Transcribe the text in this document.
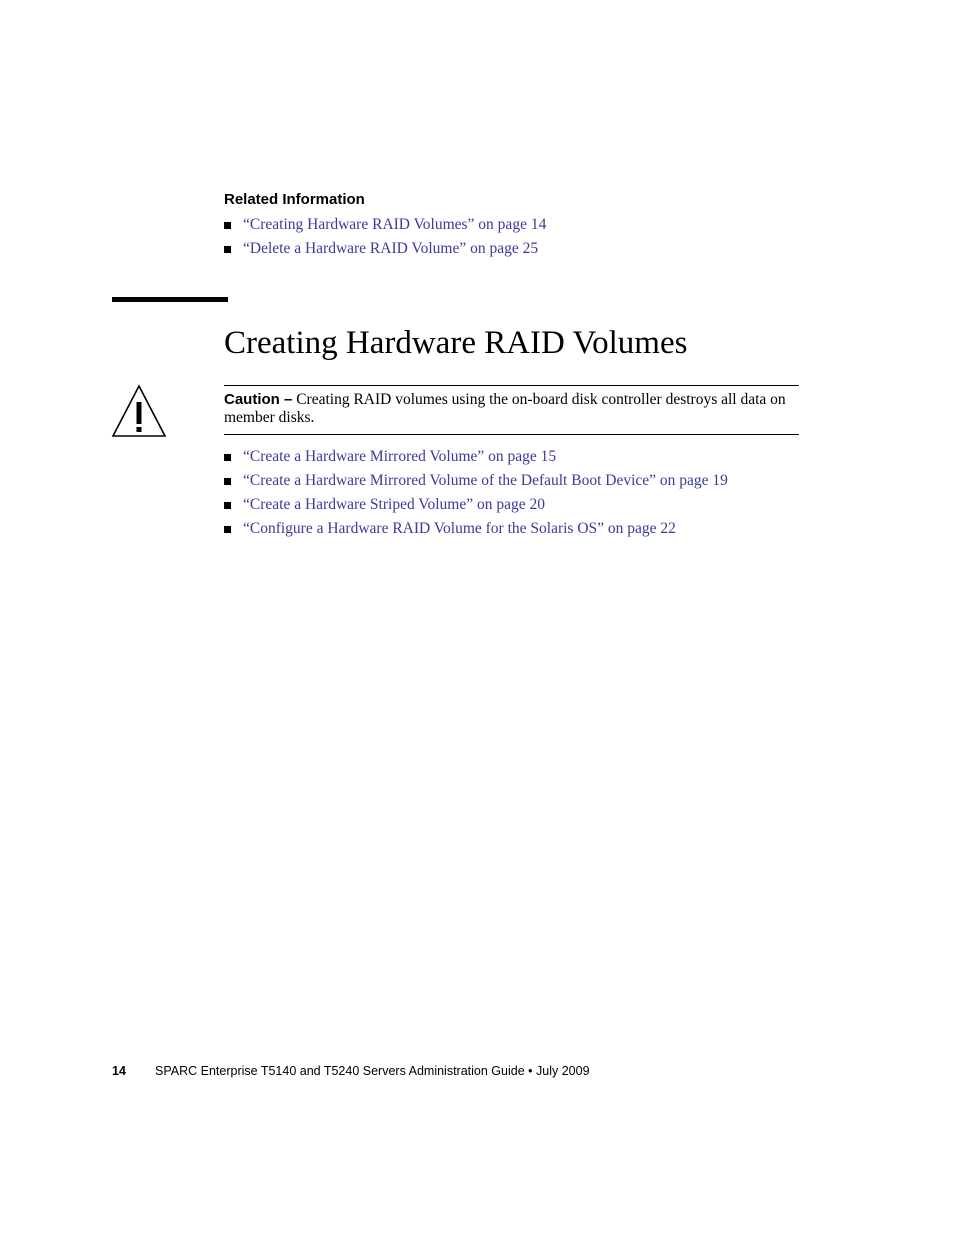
Related Information
“Creating Hardware RAID Volumes” on page 14
“Delete a Hardware RAID Volume” on page 25
Creating Hardware RAID Volumes
Caution – Creating RAID volumes using the on-board disk controller destroys all data on member disks.
“Create a Hardware Mirrored Volume” on page 15
“Create a Hardware Mirrored Volume of the Default Boot Device” on page 19
“Create a Hardware Striped Volume” on page 20
“Configure a Hardware RAID Volume for the Solaris OS” on page 22
14 SPARC Enterprise T5140 and T5240 Servers Administration Guide • July 2009
